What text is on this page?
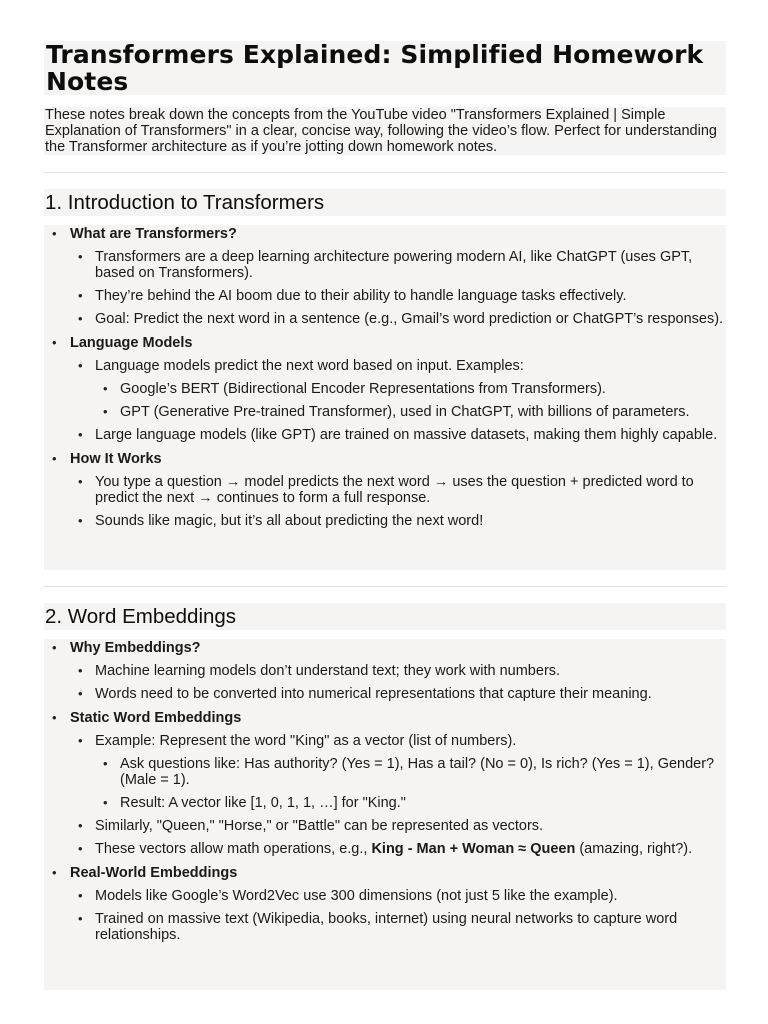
Transformers Explained: Simplified Homework Notes

These notes break down the concepts from the YouTube video "Transformers Explained | Simple Explanation of Transformers" in a clear, concise way, following the video’s flow. Perfect for understanding the Transformer architecture as if you’re jotting down homework notes.

1. Introduction to Transformers
• What are Transformers?
• Transformers are a deep learning architecture powering modern AI, like ChatGPT (uses GPT, based on Transformers).
• They’re behind the AI boom due to their ability to handle language tasks effectively.
• Goal: Predict the next word in a sentence (e.g., Gmail’s word prediction or ChatGPT’s responses).
• Language Models
• Language models predict the next word based on input. Examples:
• Google’s BERT (Bidirectional Encoder Representations from Transformers).
• GPT (Generative Pre-trained Transformer), used in ChatGPT, with billions of parameters.
• Large language models (like GPT) are trained on massive datasets, making them highly capable.
• How It Works
• You type a question → model predicts the next word → uses the question + predicted word to predict the next → continues to form a full response.
• Sounds like magic, but it’s all about predicting the next word!
2. Word Embeddings
• Why Embeddings?
• Machine learning models don’t understand text; they work with numbers.
• Words need to be converted into numerical representations that capture their meaning.
• Static Word Embeddings
• Example: Represent the word "King" as a vector (list of numbers).
• Ask questions like: Has authority? (Yes = 1), Has a tail? (No = 0), Is rich? (Yes = 1), Gender? (Male = 1).
• Result: A vector like [1, 0, 1, 1, …] for "King."
• Similarly, "Queen," "Horse," or "Battle" can be represented as vectors.
• These vectors allow math operations, e.g., King - Man + Woman ≈ Queen (amazing, right?).
• Real-World Embeddings
• Models like Google’s Word2Vec use 300 dimensions (not just 5 like the example).
• Trained on massive text (Wikipedia, books, internet) using neural networks to capture word relationships.
